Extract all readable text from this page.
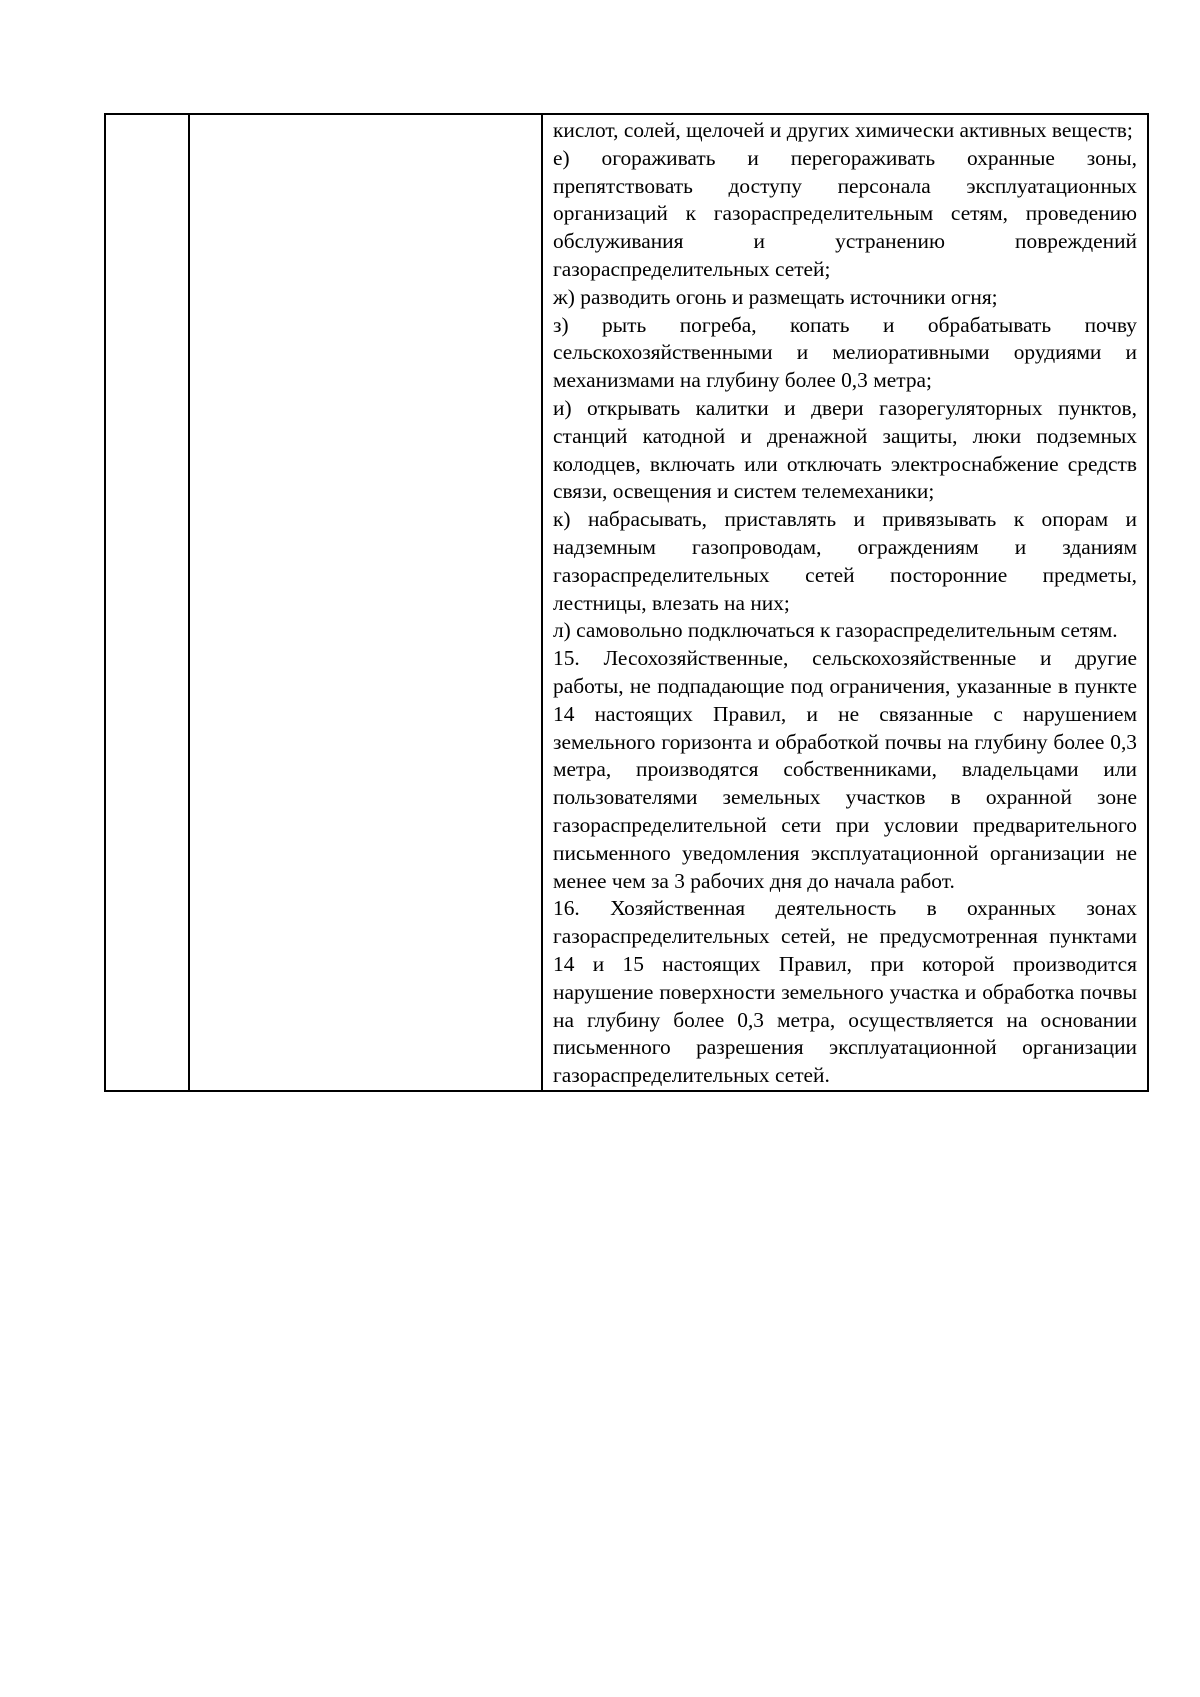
кислот, солей, щелочей и других химически активных веществ;

е) огораживать и перегораживать охранные зоны, препятствовать доступу персонала эксплуатационных организаций к газораспределительным сетям, проведению обслуживания и устранению повреждений газораспределительных сетей;

ж) разводить огонь и размещать источники огня;

з) рыть погреба, копать и обрабатывать почву сельскохозяйственными и мелиоративными орудиями и механизмами на глубину более 0,3 метра;

и) открывать калитки и двери газорегуляторных пунктов, станций катодной и дренажной защиты, люки подземных колодцев, включать или отключать электроснабжение средств связи, освещения и систем телемеханики;

к) набрасывать, приставлять и привязывать к опорам и надземным газопроводам, ограждениям и зданиям газораспределительных сетей посторонние предметы, лестницы, влезать на них;

л) самовольно подключаться к газораспределительным сетям.

15. Лесохозяйственные, сельскохозяйственные и другие работы, не подпадающие под ограничения, указанные в пункте 14 настоящих Правил, и не связанные с нарушением земельного горизонта и обработкой почвы на глубину более 0,3 метра, производятся собственниками, владельцами или пользователями земельных участков в охранной зоне газораспределительной сети при условии предварительного письменного уведомления эксплуатационной организации не менее чем за 3 рабочих дня до начала работ.

16. Хозяйственная деятельность в охранных зонах газораспределительных сетей, не предусмотренная пунктами 14 и 15 настоящих Правил, при которой производится нарушение поверхности земельного участка и обработка почвы на глубину более 0,3 метра, осуществляется на основании письменного разрешения эксплуатационной организации газораспределительных сетей.
